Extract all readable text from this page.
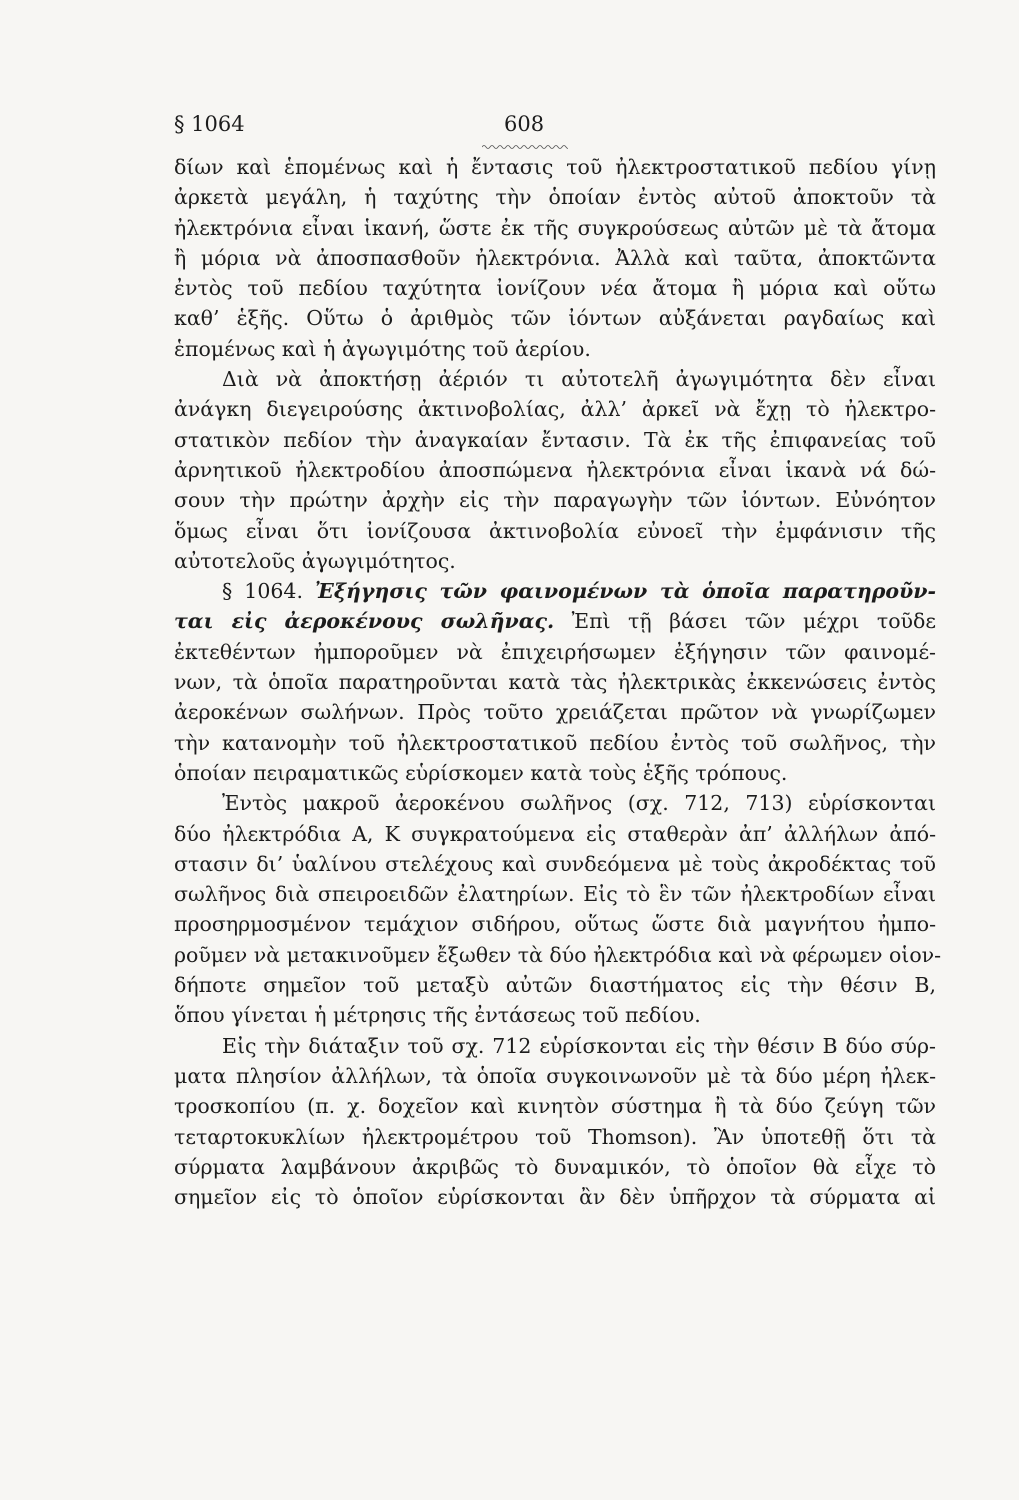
§ 1064	608
δίων καὶ ἑπομένως καὶ ἡ ἔντασις τοῦ ἠλεκτροστατικοῦ πεδίου γίνῃ
ἀρκετὰ μεγάλη, ἡ ταχύτης τὴν ὁποίαν ἐντὸς αὐτοῦ ἀποκτοῦν τὰ
ἠλεκτρόνια εἶναι ἱκανή, ὥστε ἐκ τῆς συγκρούσεως αὐτῶν μὲ τὰ ἄτομα
ἢ μόρια νὰ ἀποσπασθοῦν ἠλεκτρόνια. Ἀλλὰ καὶ ταῦτα, ἀποκτῶντα
ἐντὸς τοῦ πεδίου ταχύτητα ἰονίζουν νέα ἄτομα ἢ μόρια καὶ οὕτω
καθ’ ἑξῆς. Οὕτω ὁ ἀριθμὸς τῶν ἰόντων αὐξάνεται ραγδαίως καὶ
ἑπομένως καὶ ἡ ἀγωγιμότης τοῦ ἀερίου.
Διὰ νὰ ἀποκτήσῃ ἀέριόν τι αὐτοτελῆ ἀγωγιμότητα δὲν εἶναι
ἀνάγκη διεγειρούσης ἀκτινοβολίας, ἀλλ’ ἀρκεῖ νὰ ἔχῃ τὸ ἠλεκτρο-
στατικὸν πεδίον τὴν ἀναγκαίαν ἔντασιν. Τὰ ἐκ τῆς ἐπιφανείας τοῦ
ἀρνητικοῦ ἠλεκτροδίου ἀποσπώμενα ἠλεκτρόνια εἶναι ἱκανὰ νά δώ-
σουν τὴν πρώτην ἀρχὴν εἰς τὴν παραγωγὴν τῶν ἰόντων. Εὐνόητον
ὅμως εἶναι ὅτι ἰονίζουσα ἀκτινοβολία εὐνοεῖ τὴν ἐμφάνισιν τῆς
αὐτοτελοῦς ἀγωγιμότητος.
§ 1064. Ἐξήγησις τῶν φαινομένων τὰ ὁποῖα παρατηροῦν-
ται εἰς ἀεροκένους σωλῆνας. Ἐπὶ τῇ βάσει τῶν μέχρι τοῦδε
ἐκτεθέντων ἠμποροῦμεν νὰ ἐπιχειρήσωμεν ἐξήγησιν τῶν φαινομέ-
νων, τὰ ὁποῖα παρατηροῦνται κατὰ τὰς ἠλεκτρικὰς ἐκκενώσεις ἐντὸς
ἀεροκένων σωλήνων. Πρὸς τοῦτο χρειάζεται πρῶτον νὰ γνωρίζωμεν
τὴν κατανομὴν τοῦ ἠλεκτροστατικοῦ πεδίου ἐντὸς τοῦ σωλῆνος, τὴν
ὁποίαν πειραματικῶς εὑρίσκομεν κατὰ τοὺς ἑξῆς τρόπους.
Ἐντὸς μακροῦ ἀεροκένου σωλῆνος (σχ. 712, 713) εὑρίσκονται
δύο ἠλεκτρόδια Α, Κ συγκρατούμενα εἰς σταθερὰν ἀπ’ ἀλλήλων ἀπό-
στασιν δι’ ὑαλίνου στελέχους καὶ συνδεόμενα μὲ τοὺς ἀκροδέκτας τοῦ
σωλῆνος διὰ σπειροειδῶν ἐλατηρίων. Εἰς τὸ ἓν τῶν ἠλεκτροδίων εἶναι
προσηρμοσμένον τεμάχιον σιδήρου, οὕτως ὥστε διὰ μαγνήτου ἠμπο-
ροῦμεν νὰ μετακινοῦμεν ἔξωθεν τὰ δύο ἠλεκτρόδια καὶ νὰ φέρωμεν οἱον-
δήποτε σημεῖον τοῦ μεταξὺ αὐτῶν διαστήματος εἰς τὴν θέσιν Β,
ὅπου γίνεται ἡ μέτρησις τῆς ἐντάσεως τοῦ πεδίου.
Εἰς τὴν διάταξιν τοῦ σχ. 712 εὑρίσκονται εἰς τὴν θέσιν Β δύο σύρ-
ματα πλησίον ἀλλήλων, τὰ ὁποῖα συγκοινωνοῦν μὲ τὰ δύο μέρη ἠλεκ-
τροσκοπίου (π. χ. δοχεῖον καὶ κινητὸν σύστημα ἢ τὰ δύο ζεύγη τῶν
τεταρτοκυκλίων ἠλεκτρομέτρου τοῦ Thomson). Ἂν ὑποτεθῇ ὅτι τὰ
σύρματα λαμβάνουν ἀκριβῶς τὸ δυναμικόν, τὸ ὁποῖον θὰ εἶχε τὸ
σημεῖον εἰς τὸ ὁποῖον εὑρίσκονται ἂν δὲν ὑπῆρχον τὰ σύρματα αἱ
